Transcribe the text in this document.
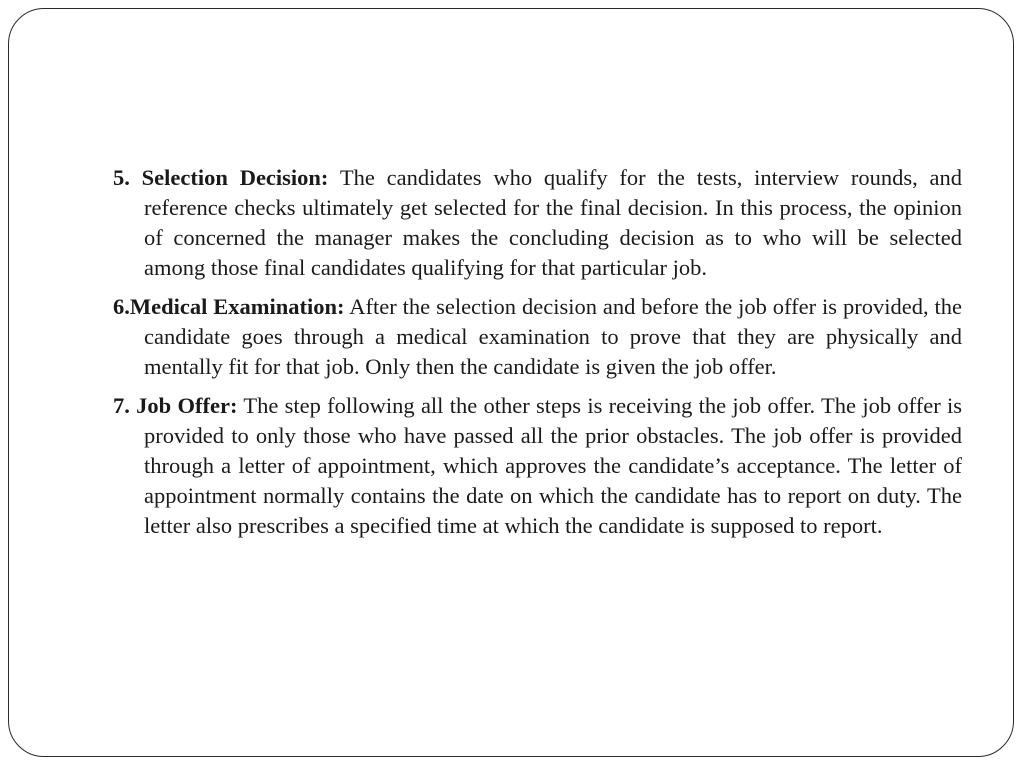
5. Selection Decision: The candidates who qualify for the tests, interview rounds, and reference checks ultimately get selected for the final decision. In this process, the opinion of concerned the manager makes the concluding decision as to who will be selected among those final candidates qualifying for that particular job.

6.Medical Examination: After the selection decision and before the job offer is provided, the candidate goes through a medical examination to prove that they are physically and mentally fit for that job. Only then the candidate is given the job offer.

7. Job Offer: The step following all the other steps is receiving the job offer. The job offer is provided to only those who have passed all the prior obstacles. The job offer is provided through a letter of appointment, which approves the candidate’s acceptance. The letter of appointment normally contains the date on which the candidate has to report on duty. The letter also prescribes a specified time at which the candidate is supposed to report.
